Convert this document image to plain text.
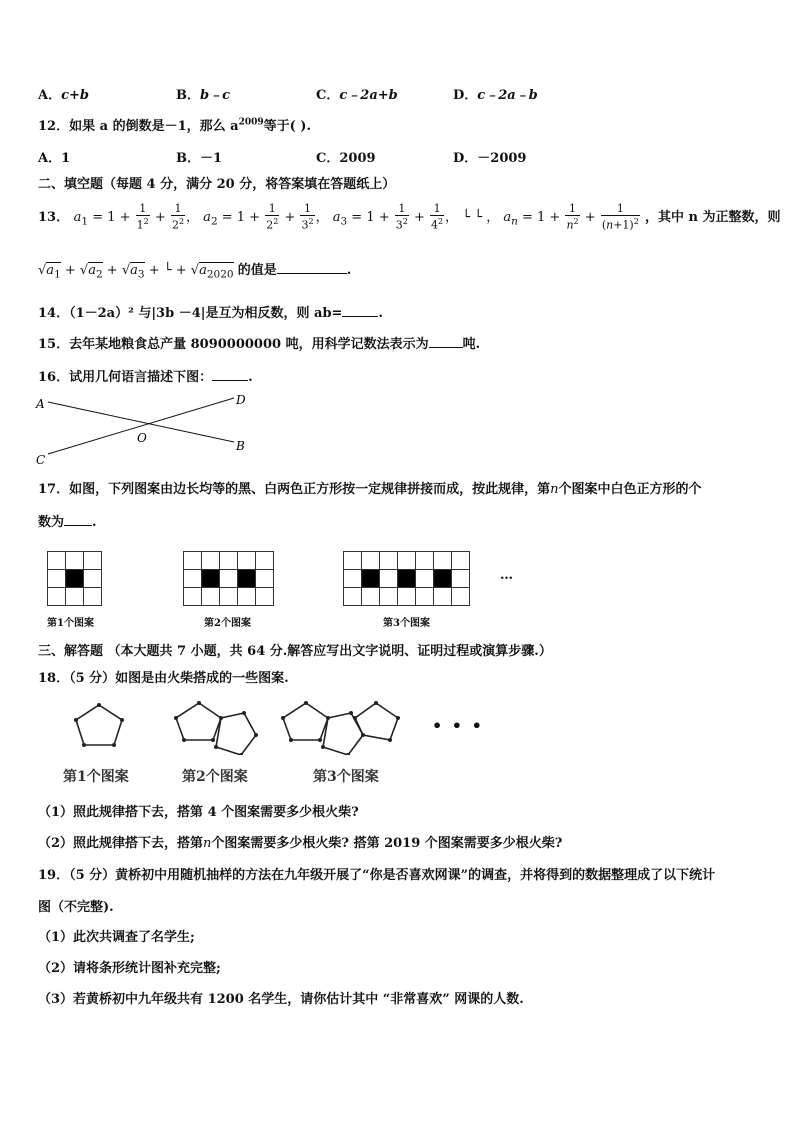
A．c+b	B．b﹣c	C．c﹣2a+b	D．c﹣2a﹣b
12．如果 a 的倒数是－1，那么 $a^{2009}$等于( ).
A．1	B．－1	C．2009	D．－2009
二、填空题（每题 4 分，满分 20 分，将答案填在答题纸上）
13． $a_1 = 1 + \frac{1}{1^2} + \frac{1}{2^2}$ ， $a_2 = 1 + \frac{1}{2^2} + \frac{1}{3^2}$ ， $a_3 = 1 + \frac{1}{3^2} + \frac{1}{4^2}$ ， └ └ ， $a_n = 1 + \frac{1}{n^2} + \frac{1}{(n+1)^2}$ ，其中 n 为正整数，则
$√a_1 + √a_2 + √a_3$ + └ + $√a_{2020}$ 的值是	.
14．（1－2a）² 与|3b －4|是互为相反数，则 ab=	.
15．去年某地粮食总产量 8090000000 吨，用科学记数法表示为	吨.
16．试用几何语言描述下图：	.
A	D
O
B
C
17．如图，下列图案由边长均等的黑、白两色正方形按一定规律拼接而成，按此规律，第n个图案中白色正方形的个
数为 .
…
第1个图案	第2个图案	第3个图案
三、解答题 （本大题共 7 小题，共 64 分.解答应写出文字说明、证明过程或演算步骤.）
18．（5 分）如图是由火柴搭成的一些图案.
• • •
第1个图案	第2个图案	第3个图案
（1）照此规律搭下去，搭第 4 个图案需要多少根火柴?
（2）照此规律搭下去，搭第n个图案需要多少根火柴? 搭第 2019 个图案需要多少根火柴?
19．（5 分）黄桥初中用随机抽样的方法在九年级开展了“你是否喜欢网课”的调查，并将得到的数据整理成了以下统计
图（不完整).
（1）此次共调查了名学生;
（2）请将条形统计图补充完整;
（3）若黄桥初中九年级共有 1200 名学生，请你估计其中 “非常喜欢” 网课的人数.
